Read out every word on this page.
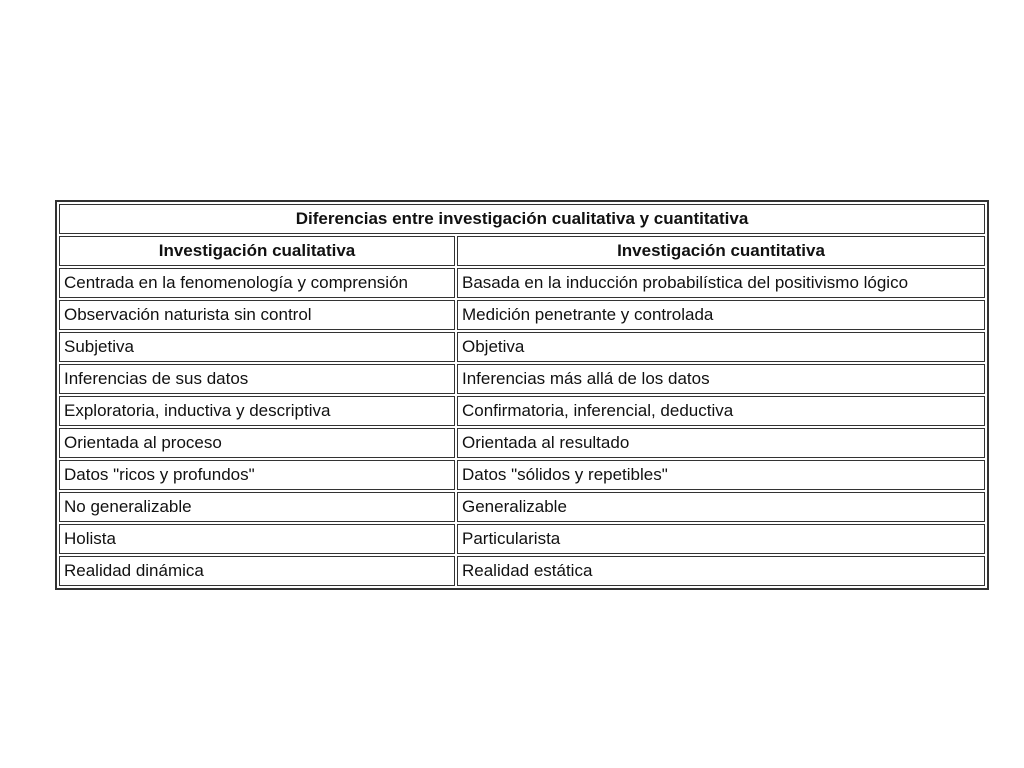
Diferencias entre investigación cualitativa y cuantitativa	
Investigación cualitativa	Investigación cuantitativa
Centrada en la fenomenología y comprensión	Basada en la inducción probabilística del positivismo lógico
Observación naturista sin control	Medición penetrante y controlada
Subjetiva	Objetiva
Inferencias de sus datos	Inferencias más allá de los datos
Exploratoria, inductiva y descriptiva	Confirmatoria, inferencial, deductiva
Orientada al proceso	Orientada al resultado
Datos "ricos y profundos"	Datos "sólidos y repetibles"
No generalizable	Generalizable
Holista	Particularista
Realidad dinámica	Realidad estática
